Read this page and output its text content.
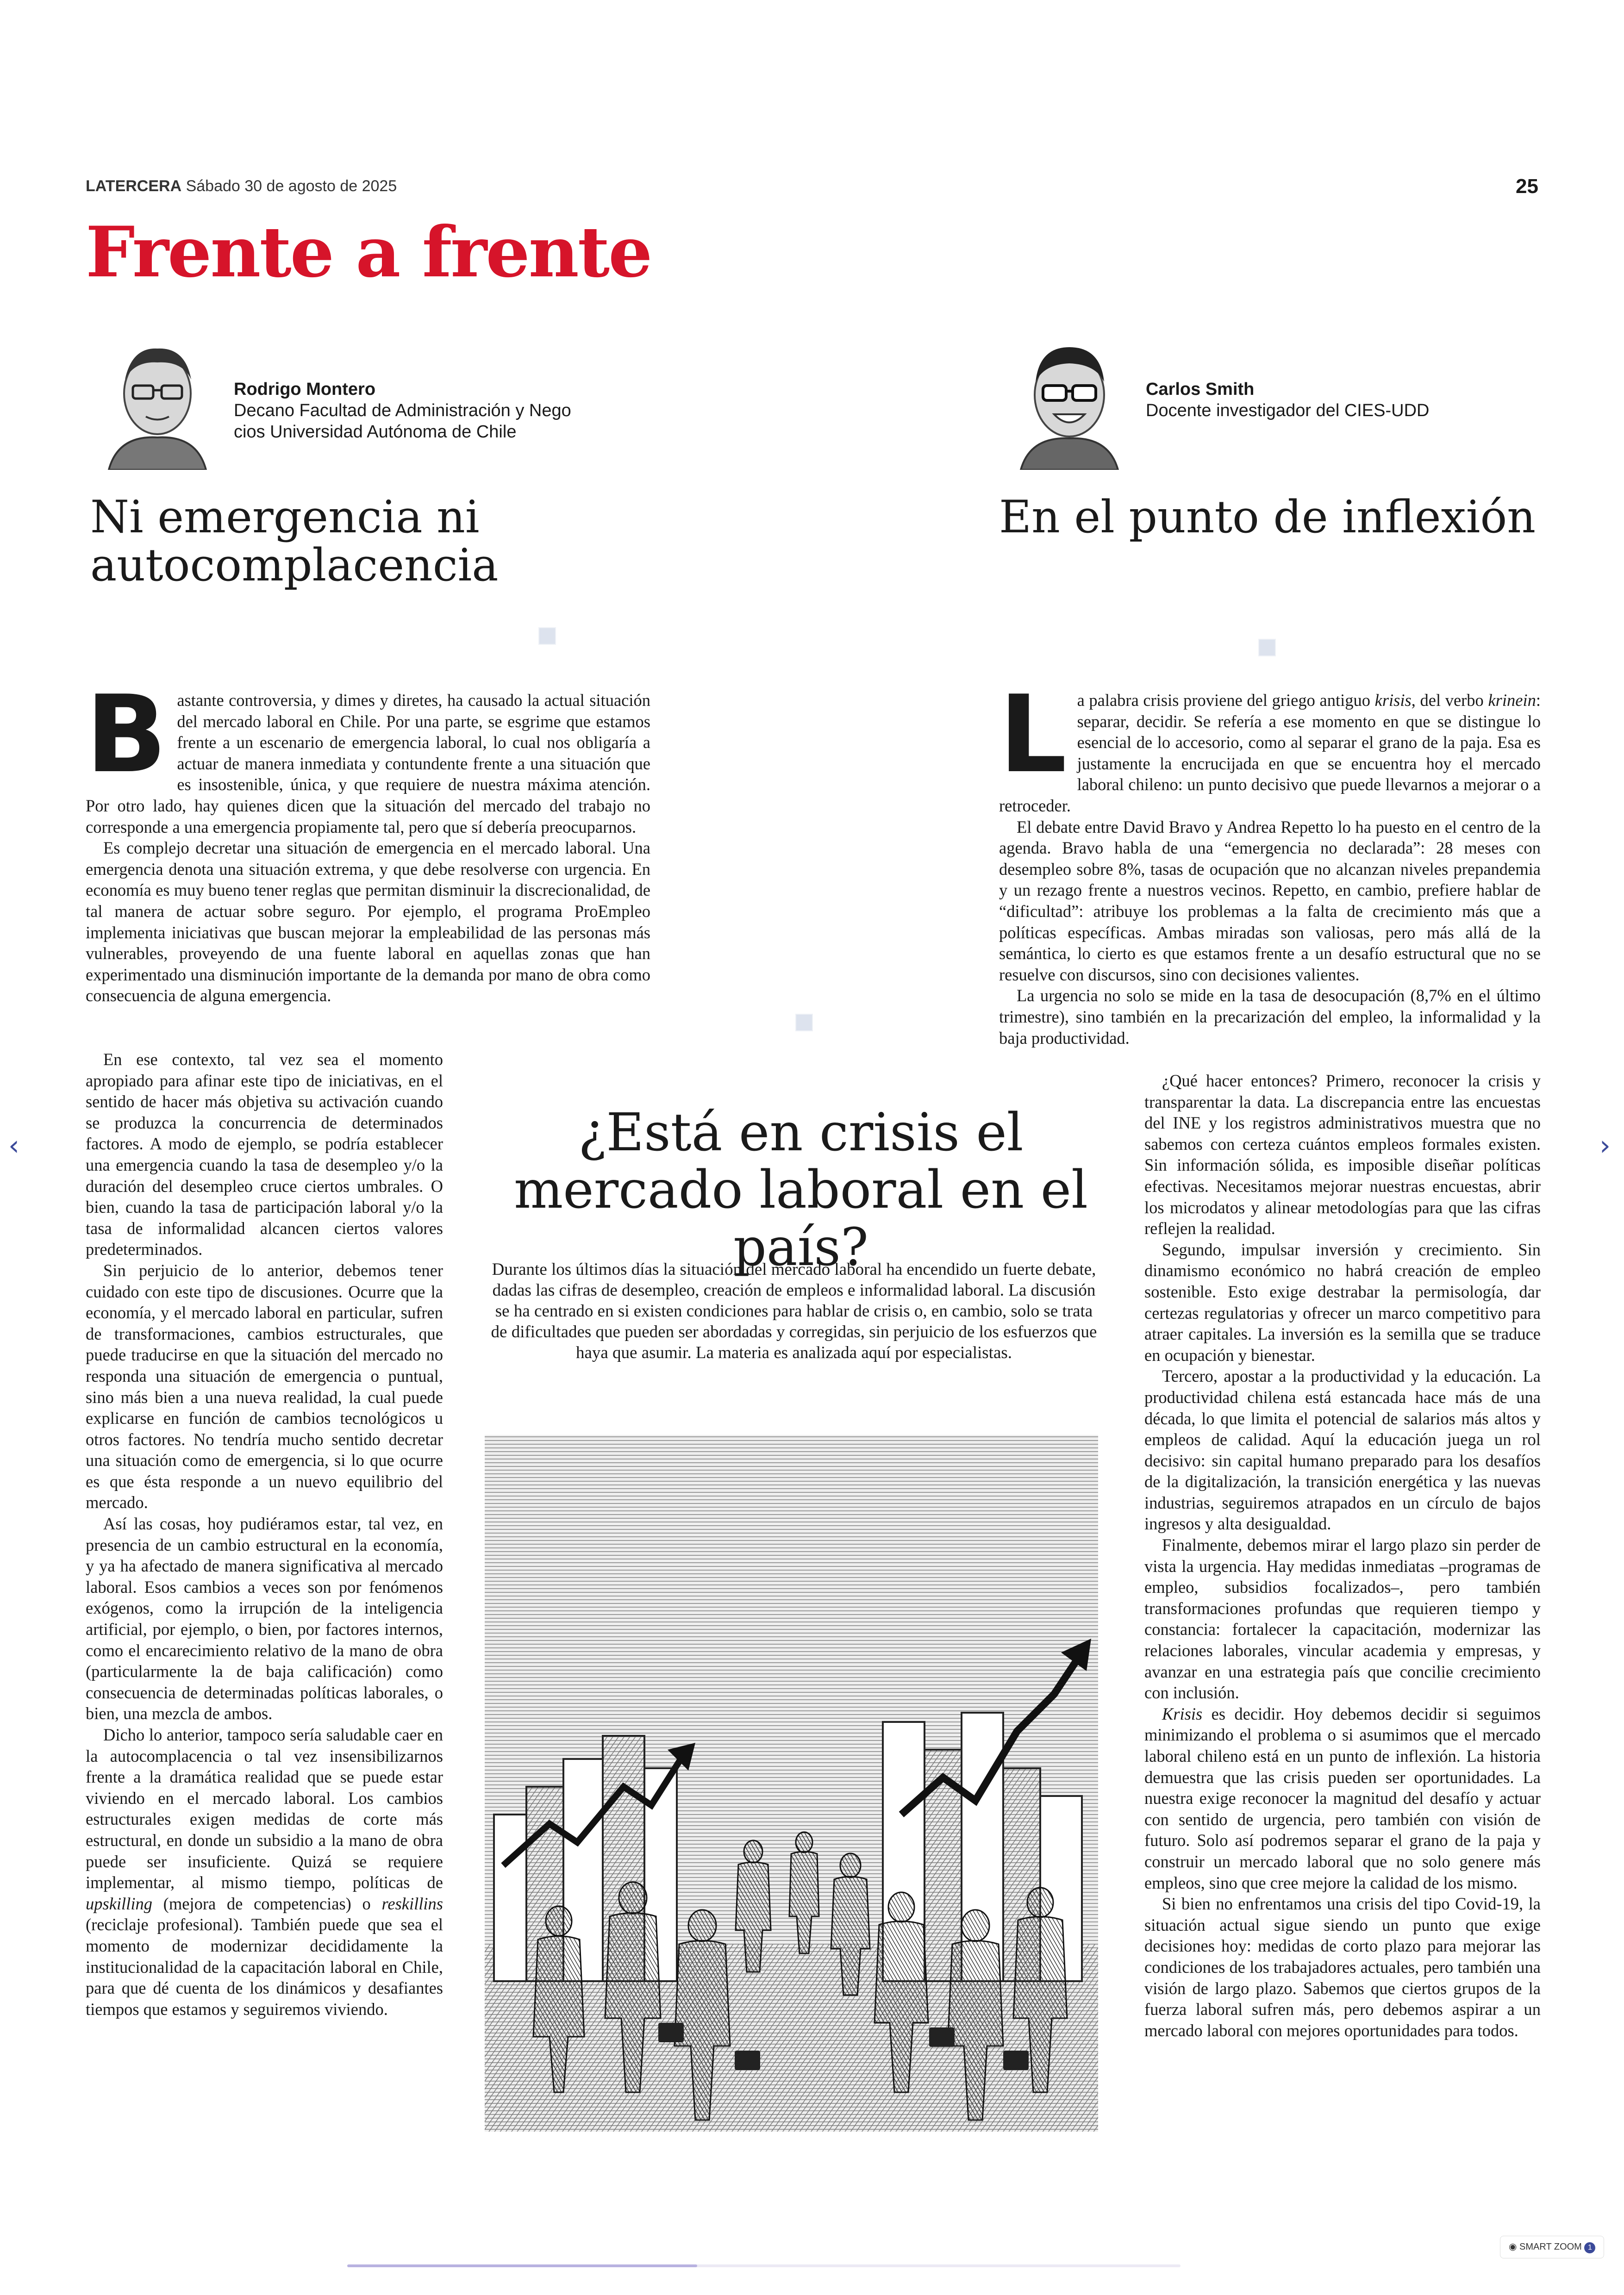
LATERCERA Sábado 30 de agosto de 2025	25
Frente a frente
Rodrigo Montero
Decano Facultad de Administración y Nego
cios Universidad Autónoma de Chile
Ni emergencia ni
autocomplacencia
Carlos Smith
Docente investigador del CIES-UDD
En el punto de inflexión

Bastante controversia, y dimes y diretes, ha causado la actual situación del mercado laboral en Chile. Por una parte, se esgrime que estamos frente a un escenario de emergencia laboral, lo cual nos obligaría a actuar de manera inmediata y contundente frente a una situación que es insostenible, única, y que requiere de nuestra máxima atención. Por otro lado, hay quienes dicen que la situación del mercado del trabajo no corresponde a una emergencia propiamente tal, pero que sí debería preocuparnos.

Es complejo decretar una situación de emergencia en el mercado laboral. Una emergencia denota una situación extrema, y que debe resolverse con urgencia. En economía es muy bueno tener reglas que permitan disminuir la discrecionalidad, de tal manera de actuar sobre seguro. Por ejemplo, el programa ProEmpleo implementa iniciativas que buscan mejorar la empleabilidad de las personas más vulnerables, proveyendo de una fuente laboral en aquellas zonas que han experimentado una disminución importante de la demanda por mano de obra como consecuencia de alguna emergencia.

En ese contexto, tal vez sea el momento apropiado para afinar este tipo de iniciativas, en el sentido de hacer más objetiva su activación cuando se produzca la concurrencia de determinados factores. A modo de ejemplo, se podría establecer una emergencia cuando la tasa de desempleo y/o la duración del desempleo cruce ciertos umbrales. O bien, cuando la tasa de participación laboral y/o la tasa de informalidad alcancen ciertos valores predeterminados.

Sin perjuicio de lo anterior, debemos tener cuidado con este tipo de discusiones. Ocurre que la economía, y el mercado laboral en particular, sufren de transformaciones, cambios estructurales, que puede traducirse en que la situación del mercado no responda una situación de emergencia o puntual, sino más bien a una nueva realidad, la cual puede explicarse en función de cambios tecnológicos u otros factores. No tendría mucho sentido decretar una situación como de emergencia, si lo que ocurre es que ésta responde a un nuevo equilibrio del mercado.

Así las cosas, hoy pudiéramos estar, tal vez, en presencia de un cambio estructural en la economía, y ya ha afectado de manera significativa al mercado laboral. Esos cambios a veces son por fenómenos exógenos, como la irrupción de la inteligencia artificial, por ejemplo, o bien, por factores internos, como el encarecimiento relativo de la mano de obra (particularmente la de baja calificación) como consecuencia de determinadas políticas laborales, o bien, una mezcla de ambos.

Dicho lo anterior, tampoco sería saludable caer en la autocomplacencia o tal vez insensibilizarnos frente a la dramática realidad que se puede estar viviendo en el mercado laboral. Los cambios estructurales exigen medidas de corte más estructural, en donde un subsidio a la mano de obra puede ser insuficiente. Quizá se requiere implementar, al mismo tiempo, políticas de upskilling (mejora de competencias) o reskillins (reciclaje profesional). También puede que sea el momento de modernizar decididamente la institucionalidad de la capacitación laboral en Chile, para que dé cuenta de los dinámicos y desafiantes tiempos que estamos y seguiremos viviendo.

¿Está en crisis el mercado laboral en el país?
Durante los últimos días la situación del mercado laboral ha encendido un fuerte debate, dadas las cifras de desempleo, creación de empleos e informalidad laboral. La discusión se ha centrado en si existen condiciones para hablar de crisis o, en cambio, solo se trata de dificultades que pueden ser abordadas y corregidas, sin perjuicio de los esfuerzos que haya que asumir. La materia es analizada aquí por especialistas.

La palabra crisis proviene del griego antiguo krisis, del verbo krinein: separar, decidir. Se refería a ese momento en que se distingue lo esencial de lo accesorio, como al separar el grano de la paja. Esa es justamente la encrucijada en que se encuentra hoy el mercado laboral chileno: un punto decisivo que puede llevarnos a mejorar o a retroceder.

El debate entre David Bravo y Andrea Repetto lo ha puesto en el centro de la agenda. Bravo habla de una “emergencia no declarada”: 28 meses con desempleo sobre 8%, tasas de ocupación que no alcanzan niveles prepandemia y un rezago frente a nuestros vecinos. Repetto, en cambio, prefiere hablar de “dificultad”: atribuye los problemas a la falta de crecimiento más que a políticas específicas. Ambas miradas son valiosas, pero más allá de la semántica, lo cierto es que estamos frente a un desafío estructural que no se resuelve con discursos, sino con decisiones valientes.

La urgencia no solo se mide en la tasa de desocupación (8,7% en el último trimestre), sino también en la precarización del empleo, la informalidad y la baja productividad.

¿Qué hacer entonces? Primero, reconocer la crisis y transparentar la data. La discrepancia entre las encuestas del INE y los registros administrativos muestra que no sabemos con certeza cuántos empleos formales existen. Sin información sólida, es imposible diseñar políticas efectivas. Necesitamos mejorar nuestras encuestas, abrir los microdatos y alinear metodologías para que las cifras reflejen la realidad.

Segundo, impulsar inversión y crecimiento. Sin dinamismo económico no habrá creación de empleo sostenible. Esto exige destrabar la permisología, dar certezas regulatorias y ofrecer un marco competitivo para atraer capitales. La inversión es la semilla que se traduce en ocupación y bienestar.

Tercero, apostar a la productividad y la educación. La productividad chilena está estancada hace más de una década, lo que limita el potencial de salarios más altos y empleos de calidad. Aquí la educación juega un rol decisivo: sin capital humano preparado para los desafíos de la digitalización, la transición energética y las nuevas industrias, seguiremos atrapados en un círculo de bajos ingresos y alta desigualdad.

Finalmente, debemos mirar el largo plazo sin perder de vista la urgencia. Hay medidas inmediatas –programas de empleo, subsidios focalizados–, pero también transformaciones profundas que requieren tiempo y constancia: fortalecer la capacitación, modernizar las relaciones laborales, vincular academia y empresas, y avanzar en una estrategia país que concilie crecimiento con inclusión.

Krisis es decidir. Hoy debemos decidir si seguimos minimizando el problema o si asumimos que el mercado laboral chileno está en un punto de inflexión. La historia demuestra que las crisis pueden ser oportunidades. La nuestra exige reconocer la magnitud del desafío y actuar con sentido de urgencia, pero también con visión de futuro. Solo así podremos separar el grano de la paja y construir un mercado laboral que no solo genere más empleos, sino que cree mejore la calidad de los mismo.

Si bien no enfrentamos una crisis del tipo Covid-19, la situación actual sigue siendo un punto que exige decisiones hoy: medidas de corto plazo para mejorar las condiciones de los trabajadores actuales, pero también una visión de largo plazo. Sabemos que ciertos grupos de la fuerza laboral sufren más, pero debemos aspirar a un mercado laboral con mejores oportunidades para todos.

‹	›
◉ SMART ZOOM 1
